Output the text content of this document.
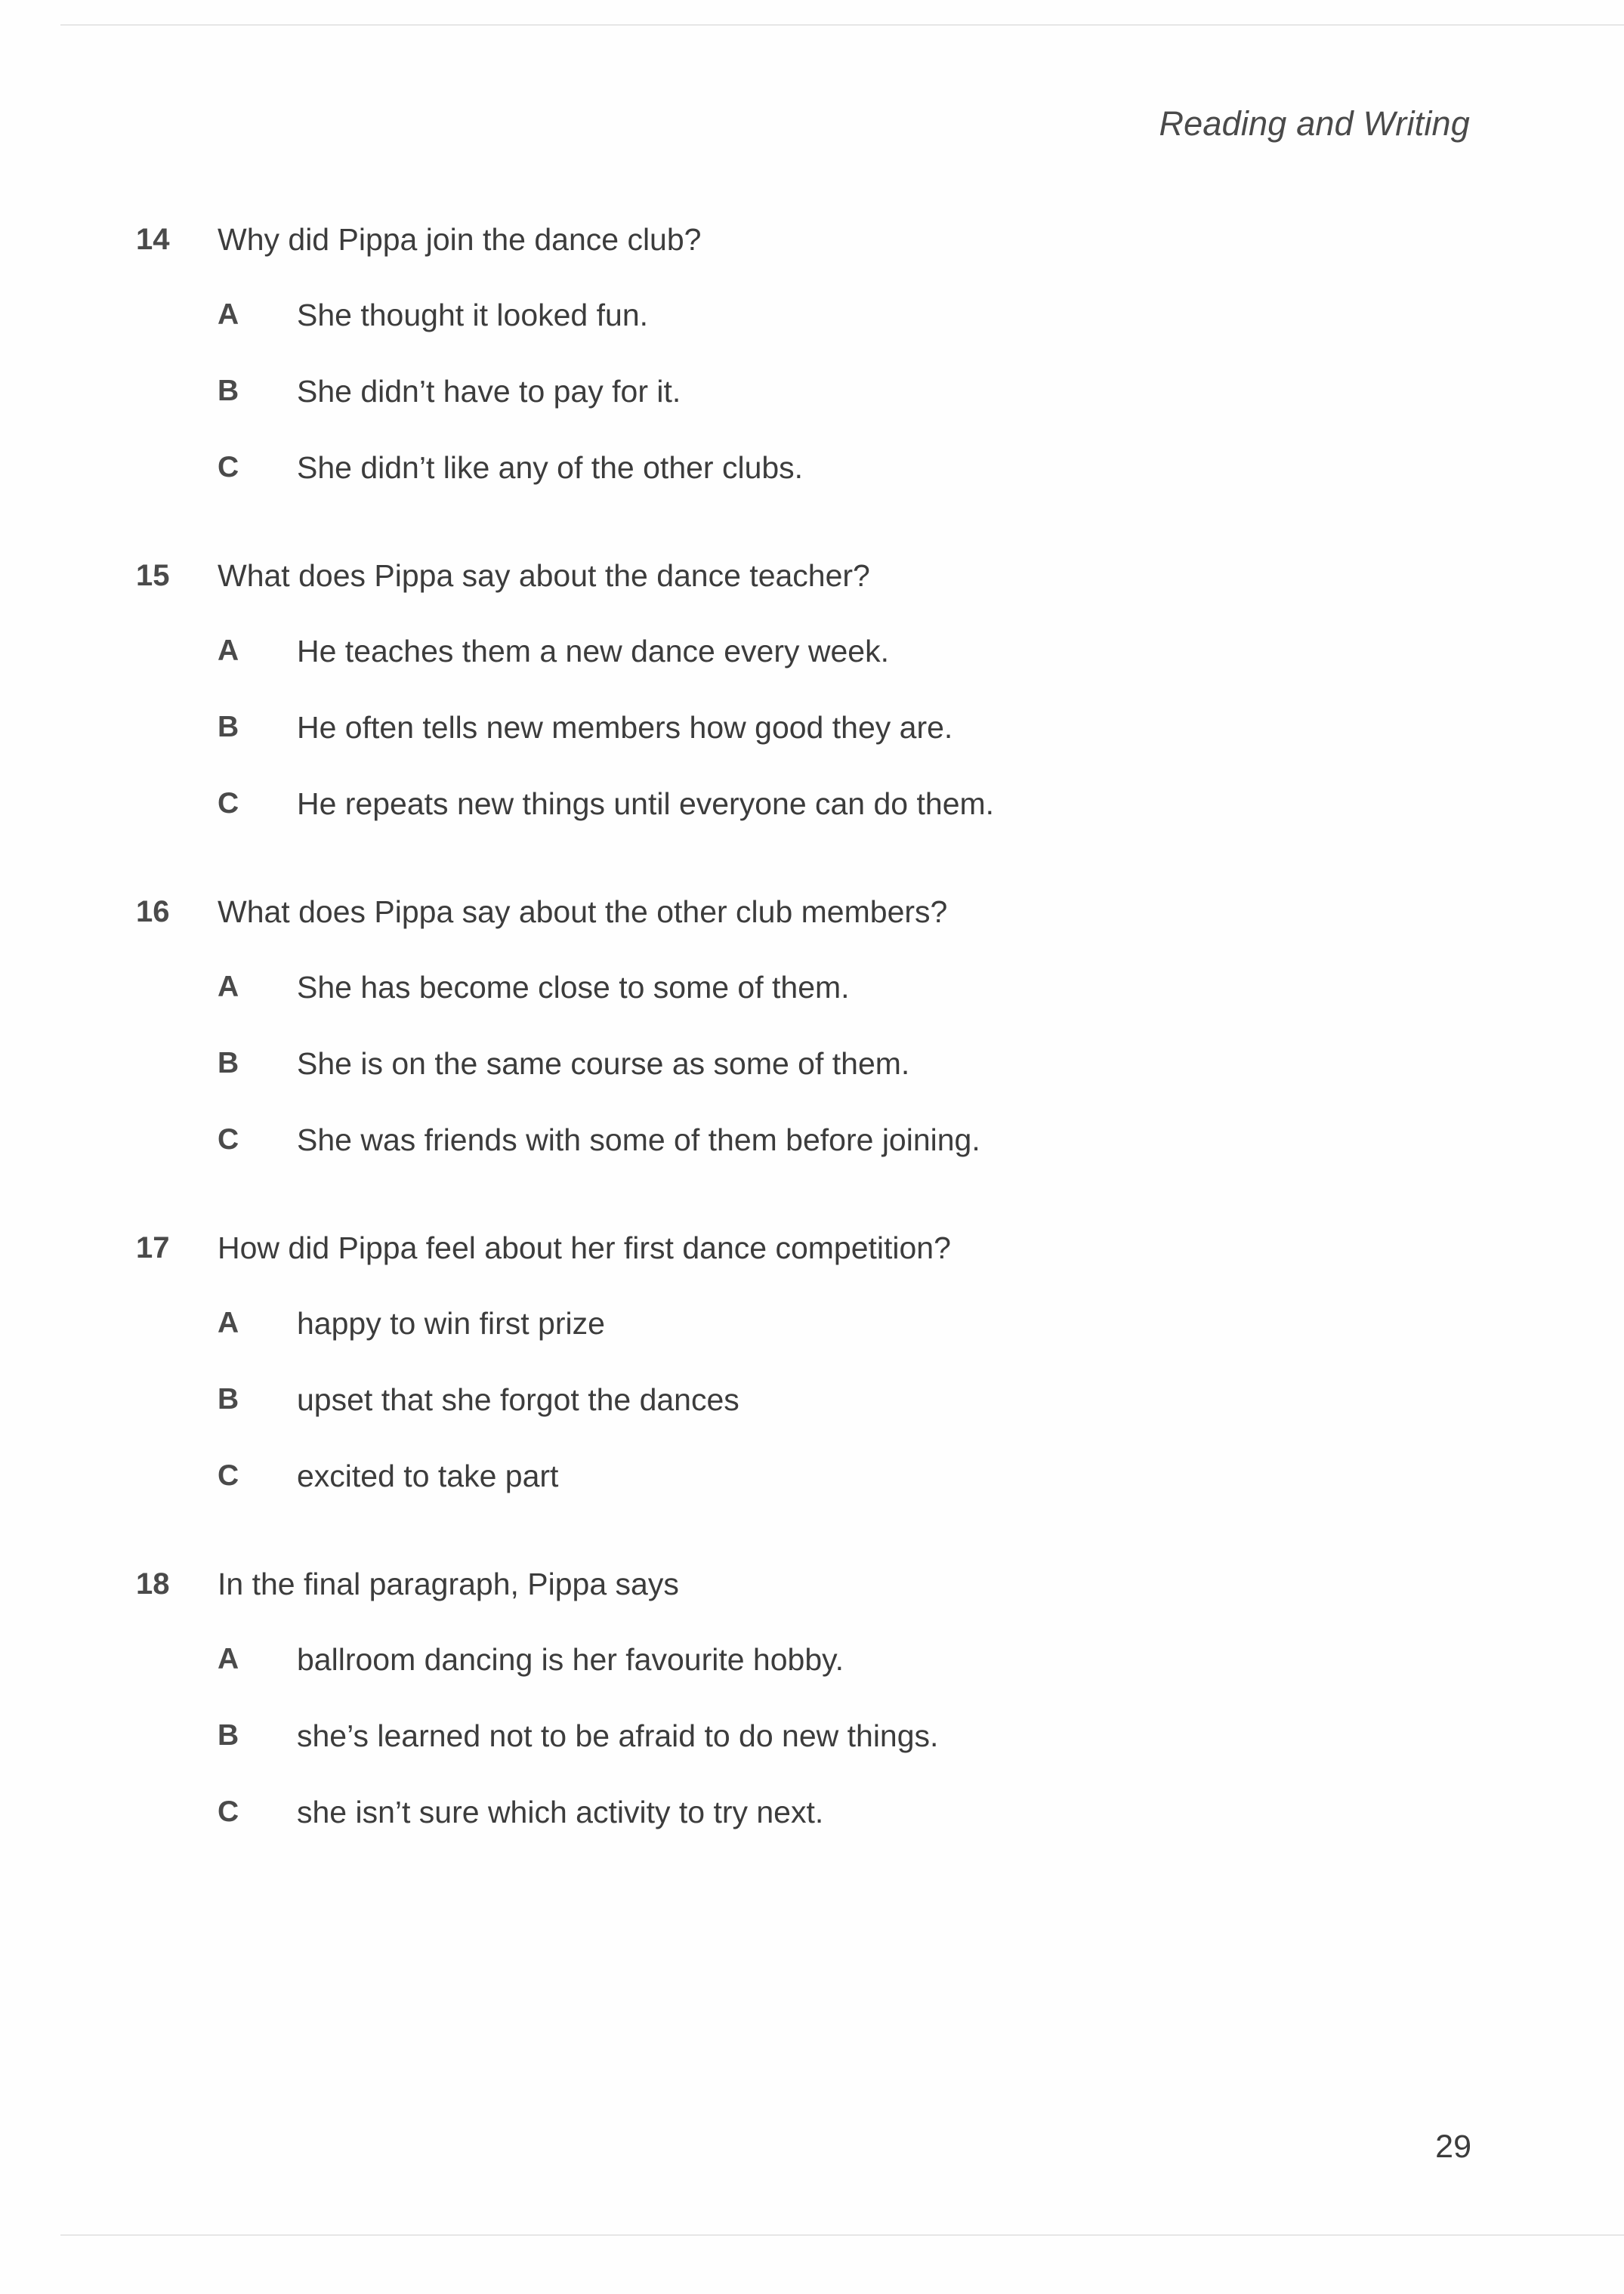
Reading and Writing
14 Why did Pippa join the dance club?
A She thought it looked fun.
B She didn’t have to pay for it.
C She didn’t like any of the other clubs.
15 What does Pippa say about the dance teacher?
A He teaches them a new dance every week.
B He often tells new members how good they are.
C He repeats new things until everyone can do them.
16 What does Pippa say about the other club members?
A She has become close to some of them.
B She is on the same course as some of them.
C She was friends with some of them before joining.
17 How did Pippa feel about her first dance competition?
A happy to win first prize
B upset that she forgot the dances
C excited to take part
18 In the final paragraph, Pippa says
A ballroom dancing is her favourite hobby.
B she’s learned not to be afraid to do new things.
C she isn’t sure which activity to try next.
29
